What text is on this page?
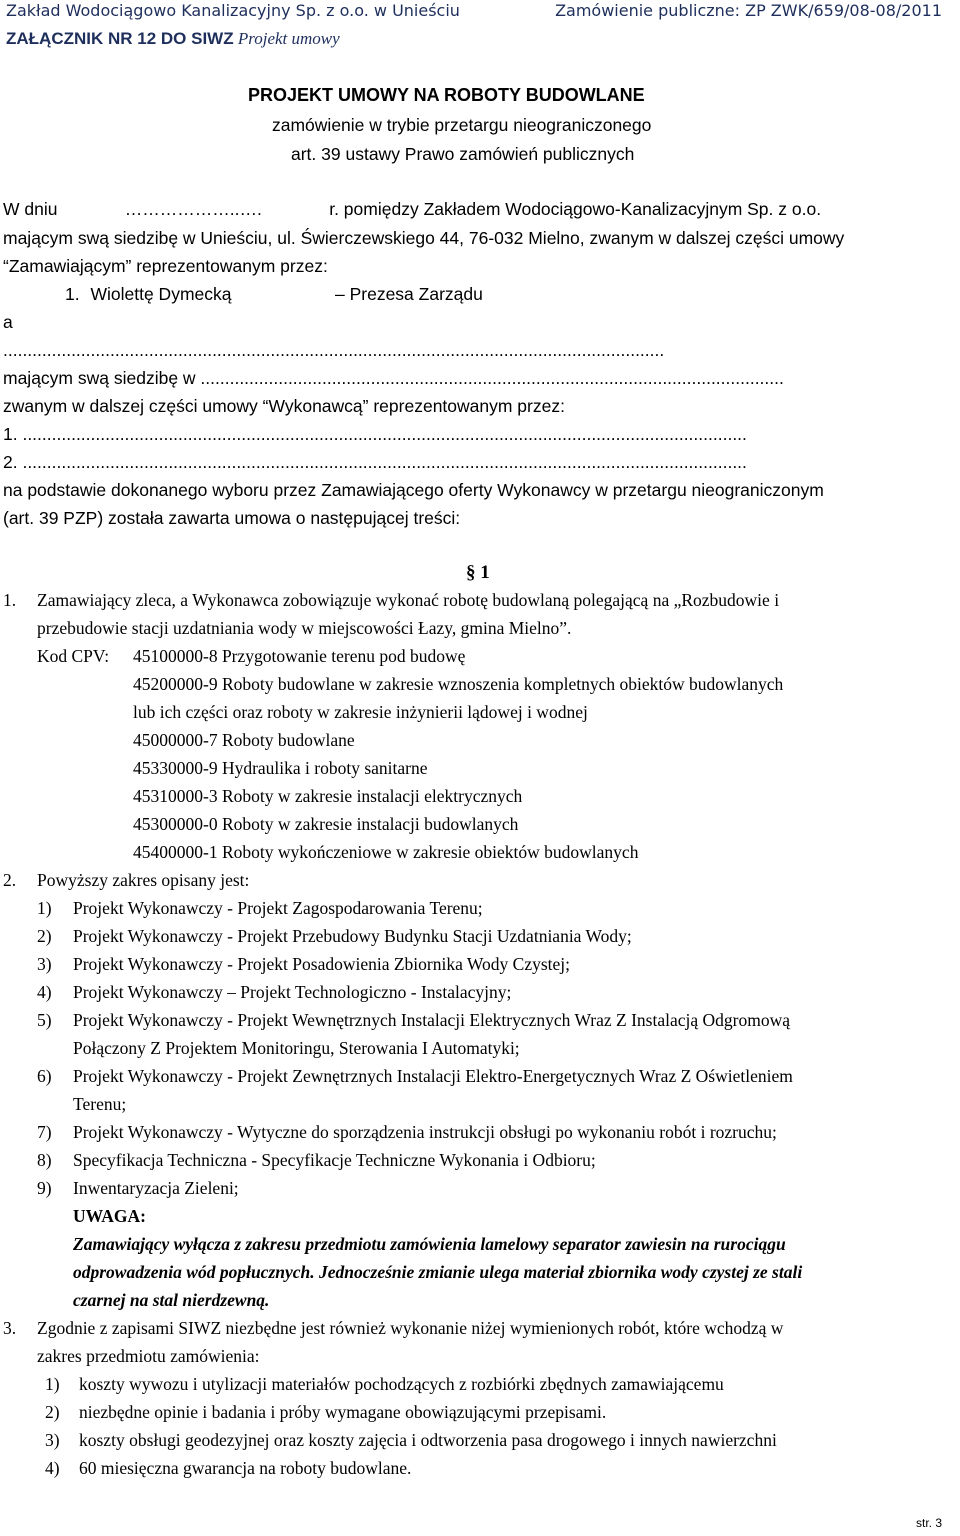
Zakład Wodociągowo Kanalizacyjny Sp. z o.o. w Unieściu	Zamówienie publiczne: ZP ZWK/659/08-08/2011
ZAŁĄCZNIK NR 12 DO SIWZ Projekt umowy
PROJEKT UMOWY NA ROBOTY BUDOWLANE
zamówienie w trybie przetargu nieograniczonego
art. 39 ustawy Prawo zamówień publicznych
W dniu	………………..….	r. pomiędzy Zakładem Wodociągowo-Kanalizacyjnym Sp. z o.o.
mającym swą siedzibę w Unieściu, ul. Świerczewskiego 44, 76-032 Mielno, zwanym w dalszej części umowy
“Zamawiającym” reprezentowanym przez:
1. Wiolettę Dymecką	– Prezesa Zarządu
a
........................................................................................................................................
mającym swą siedzibę w ........................................................................................................................
zwanym w dalszej części umowy “Wykonawcą” reprezentowanym przez:
1. .....................................................................................................................................................
2. .....................................................................................................................................................
na podstawie dokonanego wyboru przez Zamawiającego oferty Wykonawcy w przetargu nieograniczonym
(art. 39 PZP) została zawarta umowa o następującej treści:
§ 1
1. Zamawiający zleca, a Wykonawca zobowiązuje wykonać robotę budowlaną polegającą na „Rozbudowie i
przebudowie stacji uzdatniania wody w miejscowości Łazy, gmina Mielno”.
Kod CPV: 45100000-8 Przygotowanie terenu pod budowę
45200000-9 Roboty budowlane w zakresie wznoszenia kompletnych obiektów budowlanych
lub ich części oraz roboty w zakresie inżynierii lądowej i wodnej
45000000-7 Roboty budowlane
45330000-9 Hydraulika i roboty sanitarne
45310000-3 Roboty w zakresie instalacji elektrycznych
45300000-0 Roboty w zakresie instalacji budowlanych
45400000-1 Roboty wykończeniowe w zakresie obiektów budowlanych
2. Powyższy zakres opisany jest:
1) Projekt Wykonawczy - Projekt Zagospodarowania Terenu;
2) Projekt Wykonawczy - Projekt Przebudowy Budynku Stacji Uzdatniania Wody;
3) Projekt Wykonawczy - Projekt Posadowienia Zbiornika Wody Czystej;
4) Projekt Wykonawczy – Projekt Technologiczno - Instalacyjny;
5) Projekt Wykonawczy - Projekt Wewnętrznych Instalacji Elektrycznych Wraz Z Instalacją Odgromową
Połączony Z Projektem Monitoringu, Sterowania I Automatyki;
6) Projekt Wykonawczy - Projekt Zewnętrznych Instalacji Elektro-Energetycznych Wraz Z Oświetleniem
Terenu;
7) Projekt Wykonawczy - Wytyczne do sporządzenia instrukcji obsługi po wykonaniu robót i rozruchu;
8) Specyfikacja Techniczna - Specyfikacje Techniczne Wykonania i Odbioru;
9) Inwentaryzacja Zieleni;
UWAGA:
Zamawiający wyłącza z zakresu przedmiotu zamówienia lamelowy separator zawiesin na rurociągu
odprowadzenia wód popłucznych. Jednocześnie zmianie ulega materiał zbiornika wody czystej ze stali
czarnej na stal nierdzewną.
3. Zgodnie z zapisami SIWZ niezbędne jest również wykonanie niżej wymienionych robót, które wchodzą w
zakres przedmiotu zamówienia:
1) koszty wywozu i utylizacji materiałów pochodzących z rozbiórki zbędnych zamawiającemu
2) niezbędne opinie i badania i próby wymagane obowiązującymi przepisami.
3) koszty obsługi geodezyjnej oraz koszty zajęcia i odtworzenia pasa drogowego i innych nawierzchni
4) 60 miesięczna gwarancja na roboty budowlane.
str. 3
